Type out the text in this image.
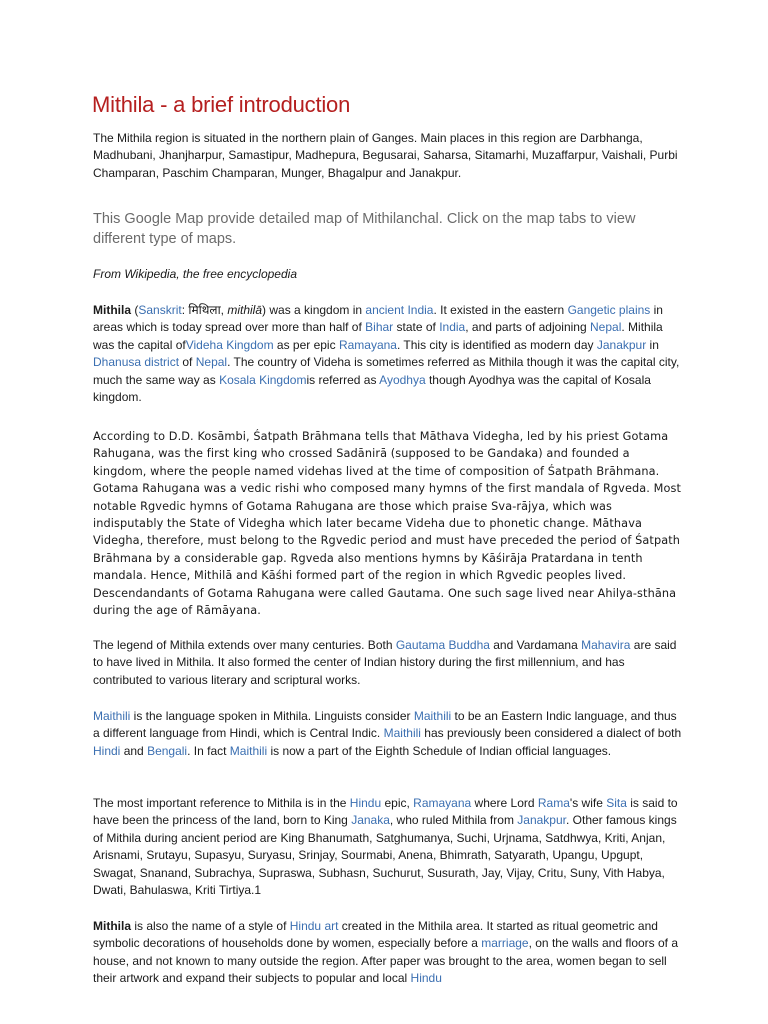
Mithila - a brief introduction

The Mithila region is situated in the northern plain of Ganges. Main places in this region are Darbhanga, Madhubani, Jhanjharpur, Samastipur, Madhepura, Begusarai, Saharsa, Sitamarhi, Muzaffarpur, Vaishali, Purbi Champaran, Paschim Champaran, Munger, Bhagalpur and Janakpur.

This Google Map provide detailed map of Mithilanchal. Click on the map tabs to view different type of maps.

From Wikipedia, the free encyclopedia

Mithila (Sanskrit: मिथिला, mithilā) was a kingdom in ancient India. It existed in the eastern Gangetic plains in areas which is today spread over more than half of Bihar state of India, and parts of adjoining Nepal. Mithila was the capital ofVideha Kingdom as per epic Ramayana. This city is identified as modern day Janakpur in Dhanusa district of Nepal. The country of Videha is sometimes referred as Mithila though it was the capital city, much the same way as Kosala Kingdomis referred as Ayodhya though Ayodhya was the capital of Kosala kingdom.

According to D.D. Kosāmbi, Śatpath Brāhmana tells that Māthava Videgha, led by his priest Gotama Rahugana, was the first king who crossed Sadānirā (supposed to be Gandaka) and founded a kingdom, where the people named videhas lived at the time of composition of Śatpath Brāhmana. Gotama Rahugana was a vedic rishi who composed many hymns of the first mandala of Rgveda. Most notable Rgvedic hymns of Gotama Rahugana are those which praise Sva-rājya, which was indisputably the State of Videgha which later became Videha due to phonetic change. Māthava Videgha, therefore, must belong to the Rgvedic period and must have preceded the period of Śatpath Brāhmana by a considerable gap. Rgveda also mentions hymns by Kāśirāja Pratardana in tenth mandala. Hence, Mithilā and Kāśhi formed part of the region in which Rgvedic peoples lived. Descendandants of Gotama Rahugana were called Gautama. One such sage lived near Ahilya-sthāna during the age of Rāmāyana.

The legend of Mithila extends over many centuries. Both Gautama Buddha and Vardamana Mahavira are said to have lived in Mithila. It also formed the center of Indian history during the first millennium, and has contributed to various literary and scriptural works.

Maithili is the language spoken in Mithila. Linguists consider Maithili to be an Eastern Indic language, and thus a different language from Hindi, which is Central Indic. Maithili has previously been considered a dialect of both Hindi and Bengali. In fact Maithili is now a part of the Eighth Schedule of Indian official languages.

The most important reference to Mithila is in the Hindu epic, Ramayana where Lord Rama's wife Sita is said to have been the princess of the land, born to King Janaka, who ruled Mithila from Janakpur. Other famous kings of Mithila during ancient period are King Bhanumath, Satghumanya, Suchi, Urjnama, Satdhwya, Kriti, Anjan, Arisnami, Srutayu, Supasyu, Suryasu, Srinjay, Sourmabi, Anena, Bhimrath, Satyarath, Upangu, Upgupt, Swagat, Snanand, Subrachya, Supraswa, Subhasn, Suchurut, Susurath, Jay, Vijay, Critu, Suny, Vith Habya, Dwati, Bahulaswa, Kriti Tirtiya.1

Mithila is also the name of a style of Hindu art created in the Mithila area. It started as ritual geometric and symbolic decorations of households done by women, especially before a marriage, on the walls and floors of a house, and not known to many outside the region. After paper was brought to the area, women began to sell their artwork and expand their subjects to popular and local Hindu
